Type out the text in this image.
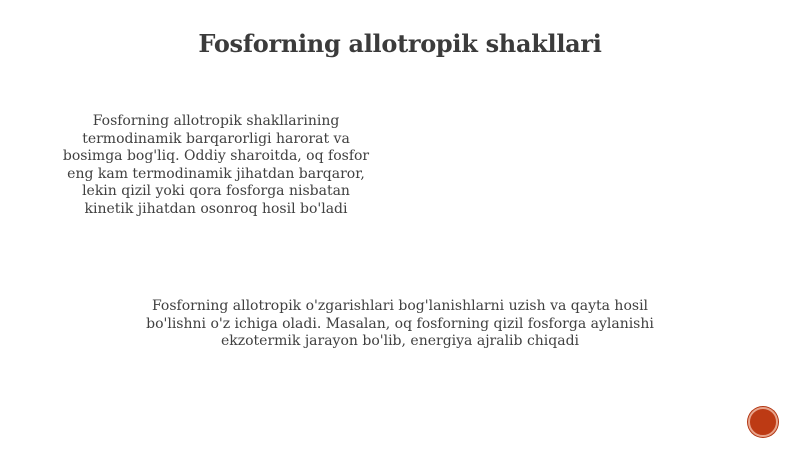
Fosforning allotropik shakllari

Fosforning allotropik shakllarining
termodinamik barqarorligi harorat va
bosimga bog'liq. Oddiy sharoitda, oq fosfor
eng kam termodinamik jihatdan barqaror,
lekin qizil yoki qora fosforga nisbatan
kinetik jihatdan osonroq hosil bo'ladi

Fosforning allotropik o'zgarishlari bog'lanishlarni uzish va qayta hosil
bo'lishni o'z ichiga oladi. Masalan, oq fosforning qizil fosforga aylanishi
ekzotermik jarayon bo'lib, energiya ajralib chiqadi
